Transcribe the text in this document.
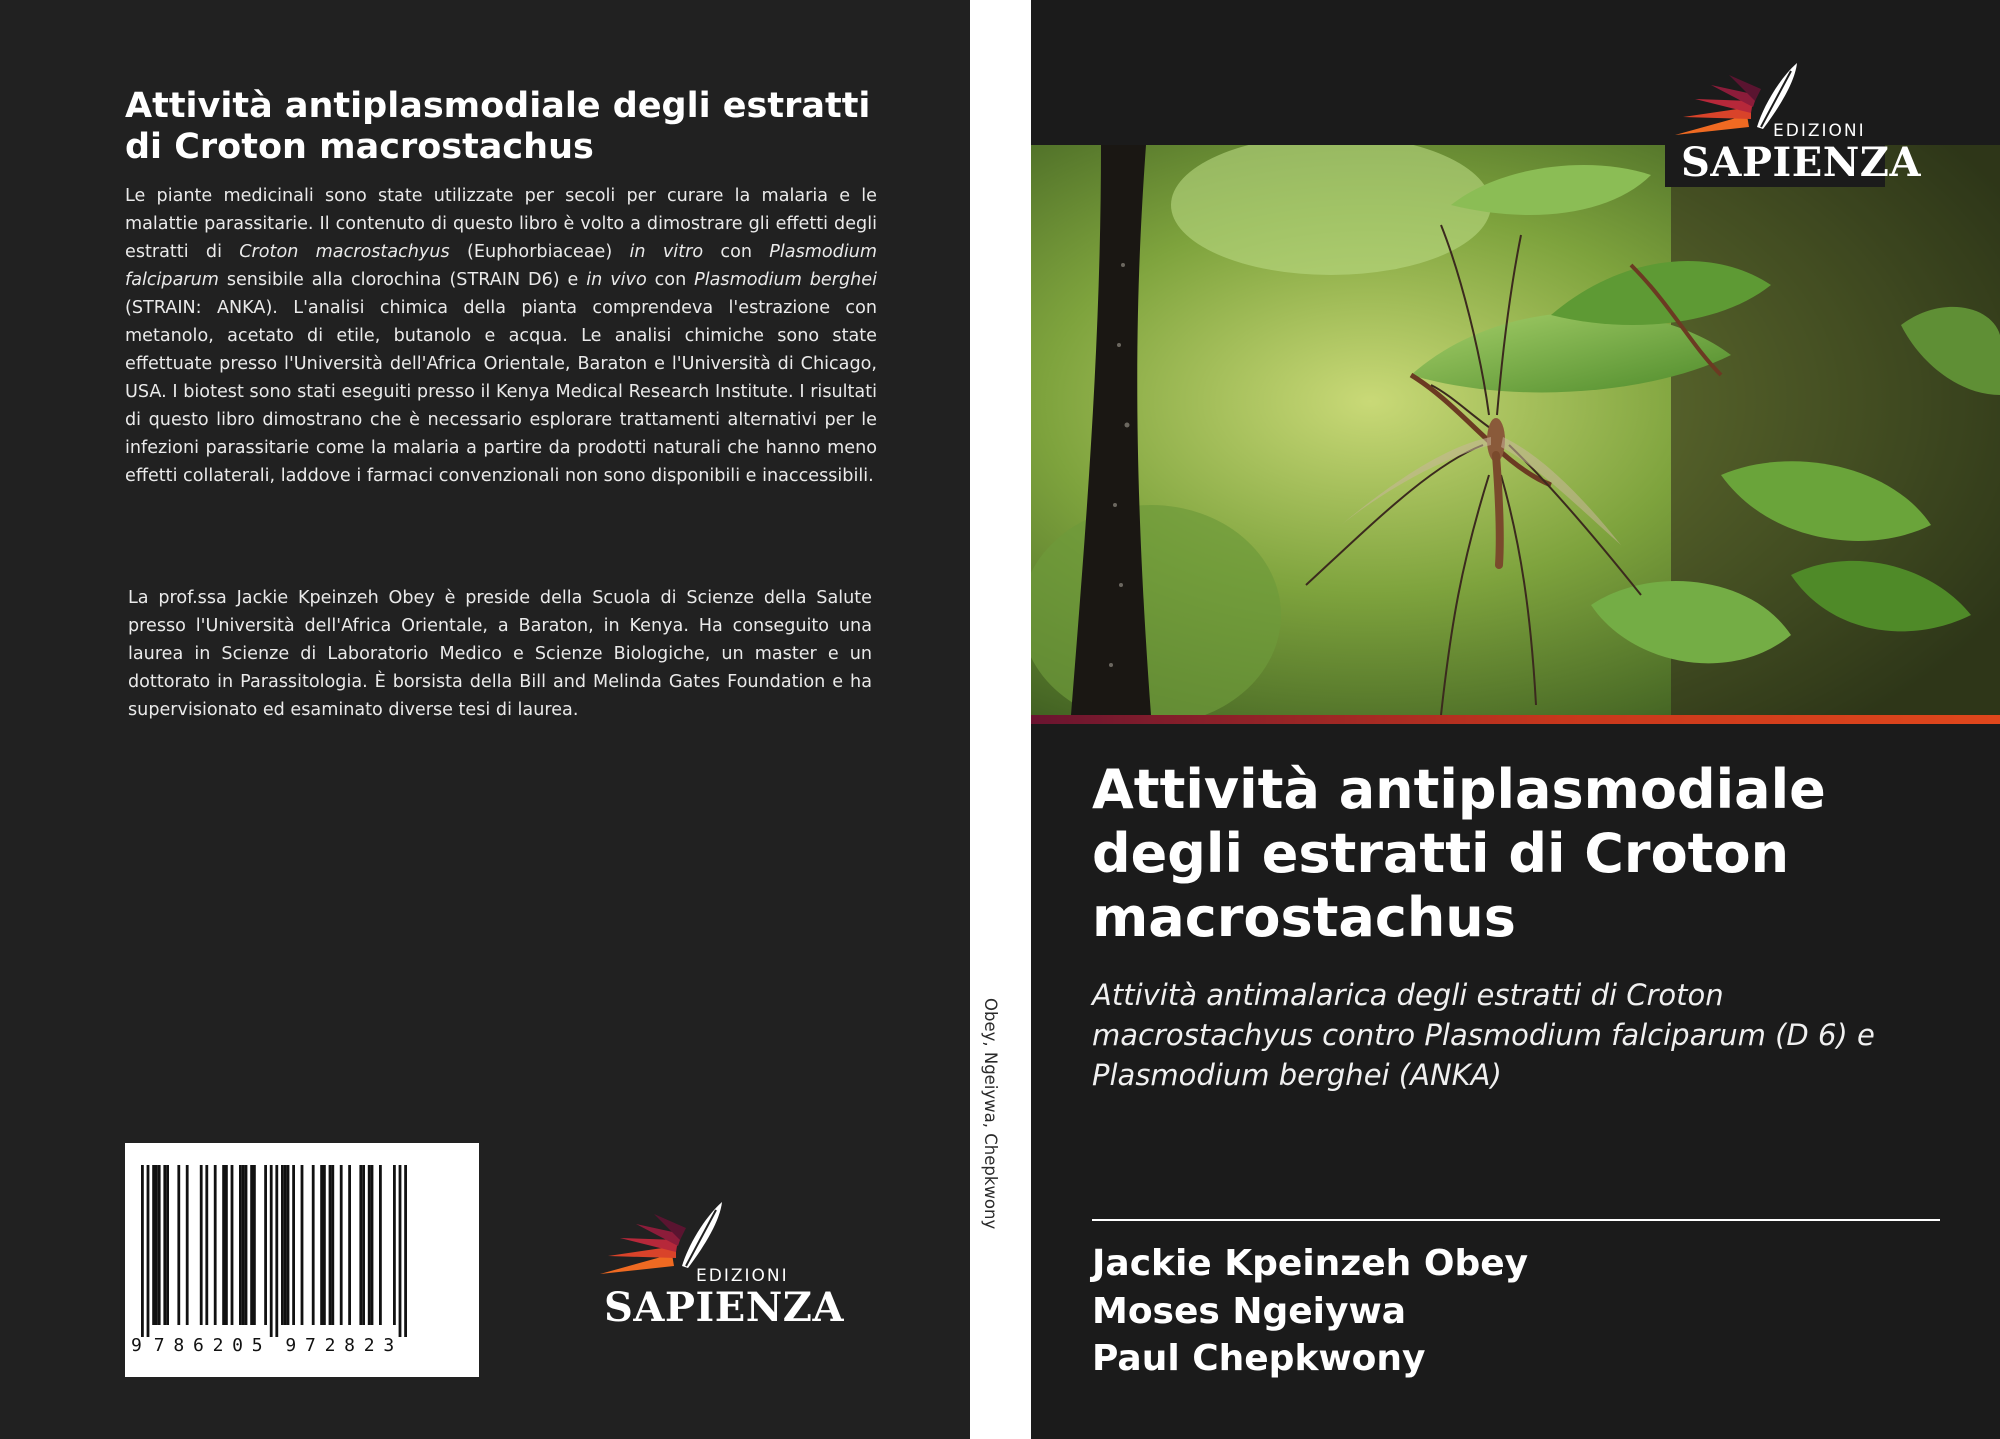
Attività antiplasmodiale degli estratti di Croton macrostachus

Le piante medicinali sono state utilizzate per secoli per curare la malaria e le malattie parassitarie. Il contenuto di questo libro è volto a dimostrare gli effetti degli estratti di Croton macrostachyus (Euphorbiaceae) in vitro con Plasmodium falciparum sensibile alla clorochina (STRAIN D6) e in vivo con Plasmodium berghei (STRAIN: ANKA). L'analisi chimica della pianta comprendeva l'estrazione con metanolo, acetato di etile, butanolo e acqua. Le analisi chimiche sono state effettuate presso l'Università dell'Africa Orientale, Baraton e l'Università di Chicago, USA. I biotest sono stati eseguiti presso il Kenya Medical Research Institute. I risultati di questo libro dimostrano che è necessario esplorare trattamenti alternativi per le infezioni parassitarie come la malaria a partire da prodotti naturali che hanno meno effetti collaterali, laddove i farmaci convenzionali non sono disponibili e inaccessibili.

La prof.ssa Jackie Kpeinzeh Obey è preside della Scuola di Scienze della Salute presso l'Università dell'Africa Orientale, a Baraton, in Kenya. Ha conseguito una laurea in Scienze di Laboratorio Medico e Scienze Biologiche, un master e un dottorato in Parassitologia. È borsista della Bill and Melinda Gates Foundation e ha supervisionato ed esaminato diverse tesi di laurea.

9 7 8 6 2 0 5 9 7 2 8 2 3
EDIZIONI
SAPIENZA
Obey, Ngeiywa, Chepkwony
EDIZIONI
SAPIENZA
Attività antiplasmodiale degli estratti di Croton macrostachus

Attività antimalarica degli estratti di Croton macrostachyus contro Plasmodium falciparum (D 6) e Plasmodium berghei (ANKA)

Jackie Kpeinzeh Obey
Moses Ngeiywa
Paul Chepkwony
